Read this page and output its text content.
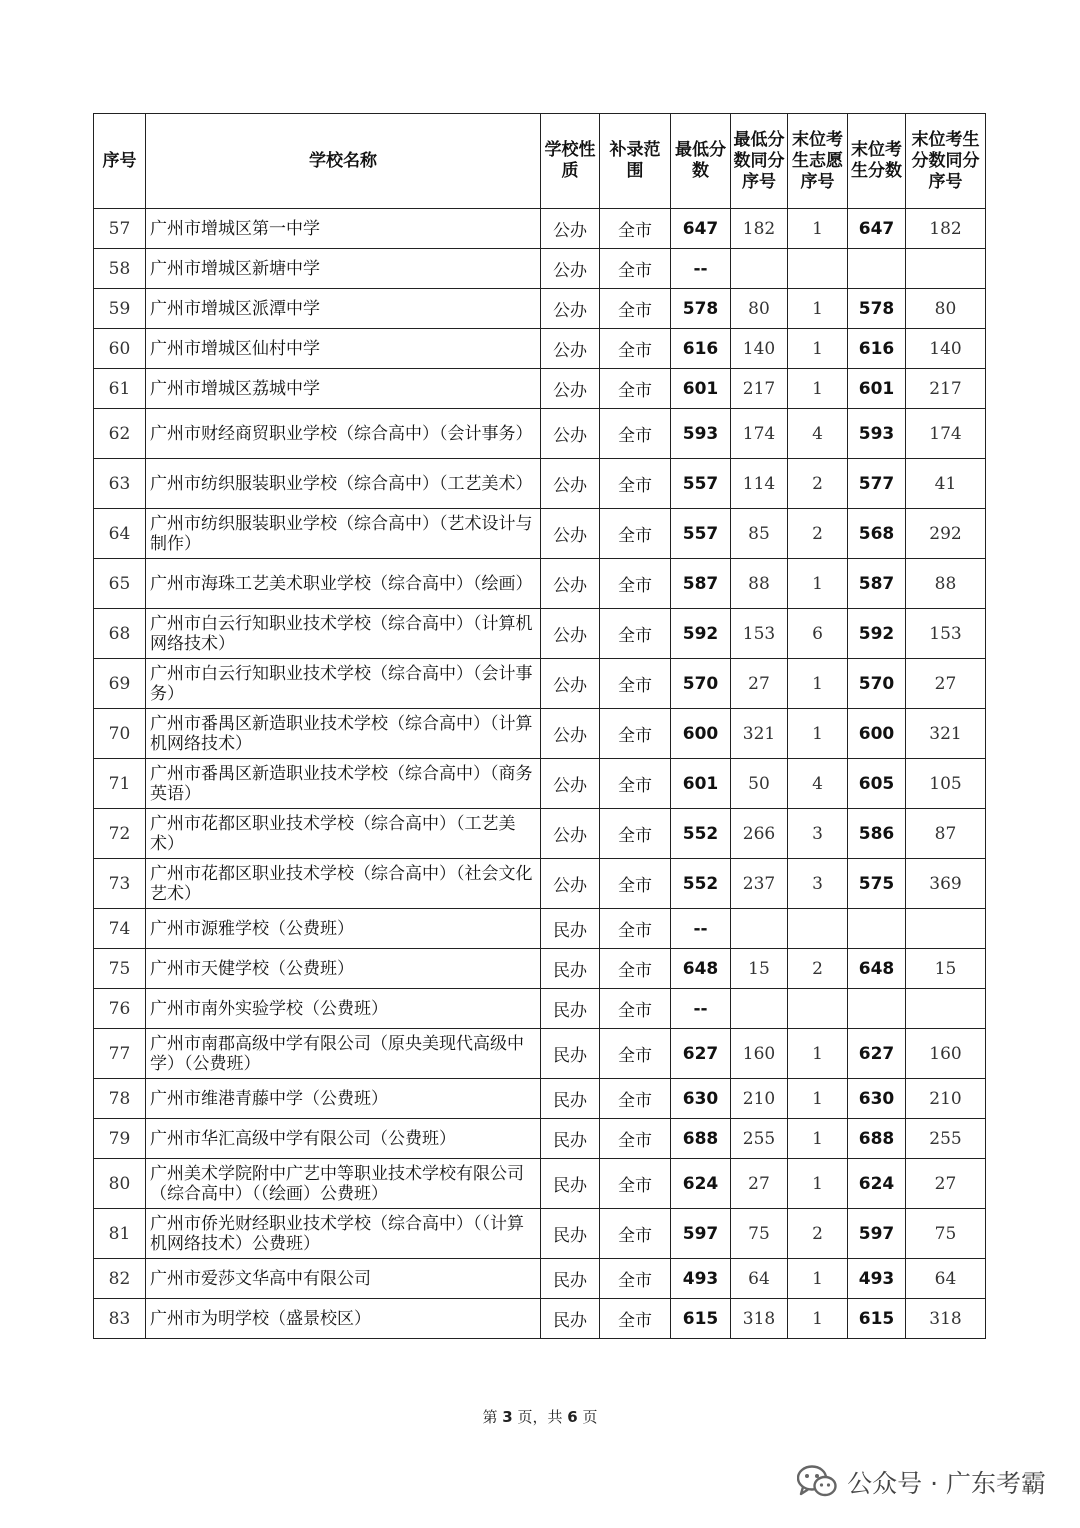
序号	学校名称	学校性质	补录范围	最低分数	最低分数同分序号	末位考生志愿序号	末位考生分数	末位考生分数同分序号
57	广州市增城区第一中学	公办	全市	647	182	1	647	182
58	广州市增城区新塘中学	公办	全市	--				
59	广州市增城区派潭中学	公办	全市	578	80	1	578	80
60	广州市增城区仙村中学	公办	全市	616	140	1	616	140
61	广州市增城区荔城中学	公办	全市	601	217	1	601	217
62	广州市财经商贸职业学校（综合高中）（会计事务）	公办	全市	593	174	4	593	174
63	广州市纺织服装职业学校（综合高中）（工艺美术）	公办	全市	557	114	2	577	41
64	广州市纺织服装职业学校（综合高中）（艺术设计与制作）	公办	全市	557	85	2	568	292
65	广州市海珠工艺美术职业学校（综合高中）（绘画）	公办	全市	587	88	1	587	88
68	广州市白云行知职业技术学校（综合高中）（计算机网络技术）	公办	全市	592	153	6	592	153
69	广州市白云行知职业技术学校（综合高中）（会计事务）	公办	全市	570	27	1	570	27
70	广州市番禺区新造职业技术学校（综合高中）（计算机网络技术）	公办	全市	600	321	1	600	321
71	广州市番禺区新造职业技术学校（综合高中）（商务英语）	公办	全市	601	50	4	605	105
72	广州市花都区职业技术学校（综合高中）（工艺美术）	公办	全市	552	266	3	586	87
73	广州市花都区职业技术学校（综合高中）（社会文化艺术）	公办	全市	552	237	3	575	369
74	广州市源雅学校（公费班）	民办	全市	--				
75	广州市天健学校（公费班）	民办	全市	648	15	2	648	15
76	广州市南外实验学校（公费班）	民办	全市	--				
77	广州市南郡高级中学有限公司（原央美现代高级中学）（公费班）	民办	全市	627	160	1	627	160
78	广州市维港青藤中学（公费班）	民办	全市	630	210	1	630	210
79	广州市华汇高级中学有限公司（公费班）	民办	全市	688	255	1	688	255
80	广州美术学院附中广艺中等职业技术学校有限公司（综合高中）（（绘画）公费班）	民办	全市	624	27	1	624	27
81	广州市侨光财经职业技术学校（综合高中）（（计算机网络技术）公费班）	民办	全市	597	75	2	597	75
82	广州市爱莎文华高中有限公司	民办	全市	493	64	1	493	64
83	广州市为明学校（盛景校区）	民办	全市	615	318	1	615	318
第 3 页，共 6 页
公众号 · 广东考霸
